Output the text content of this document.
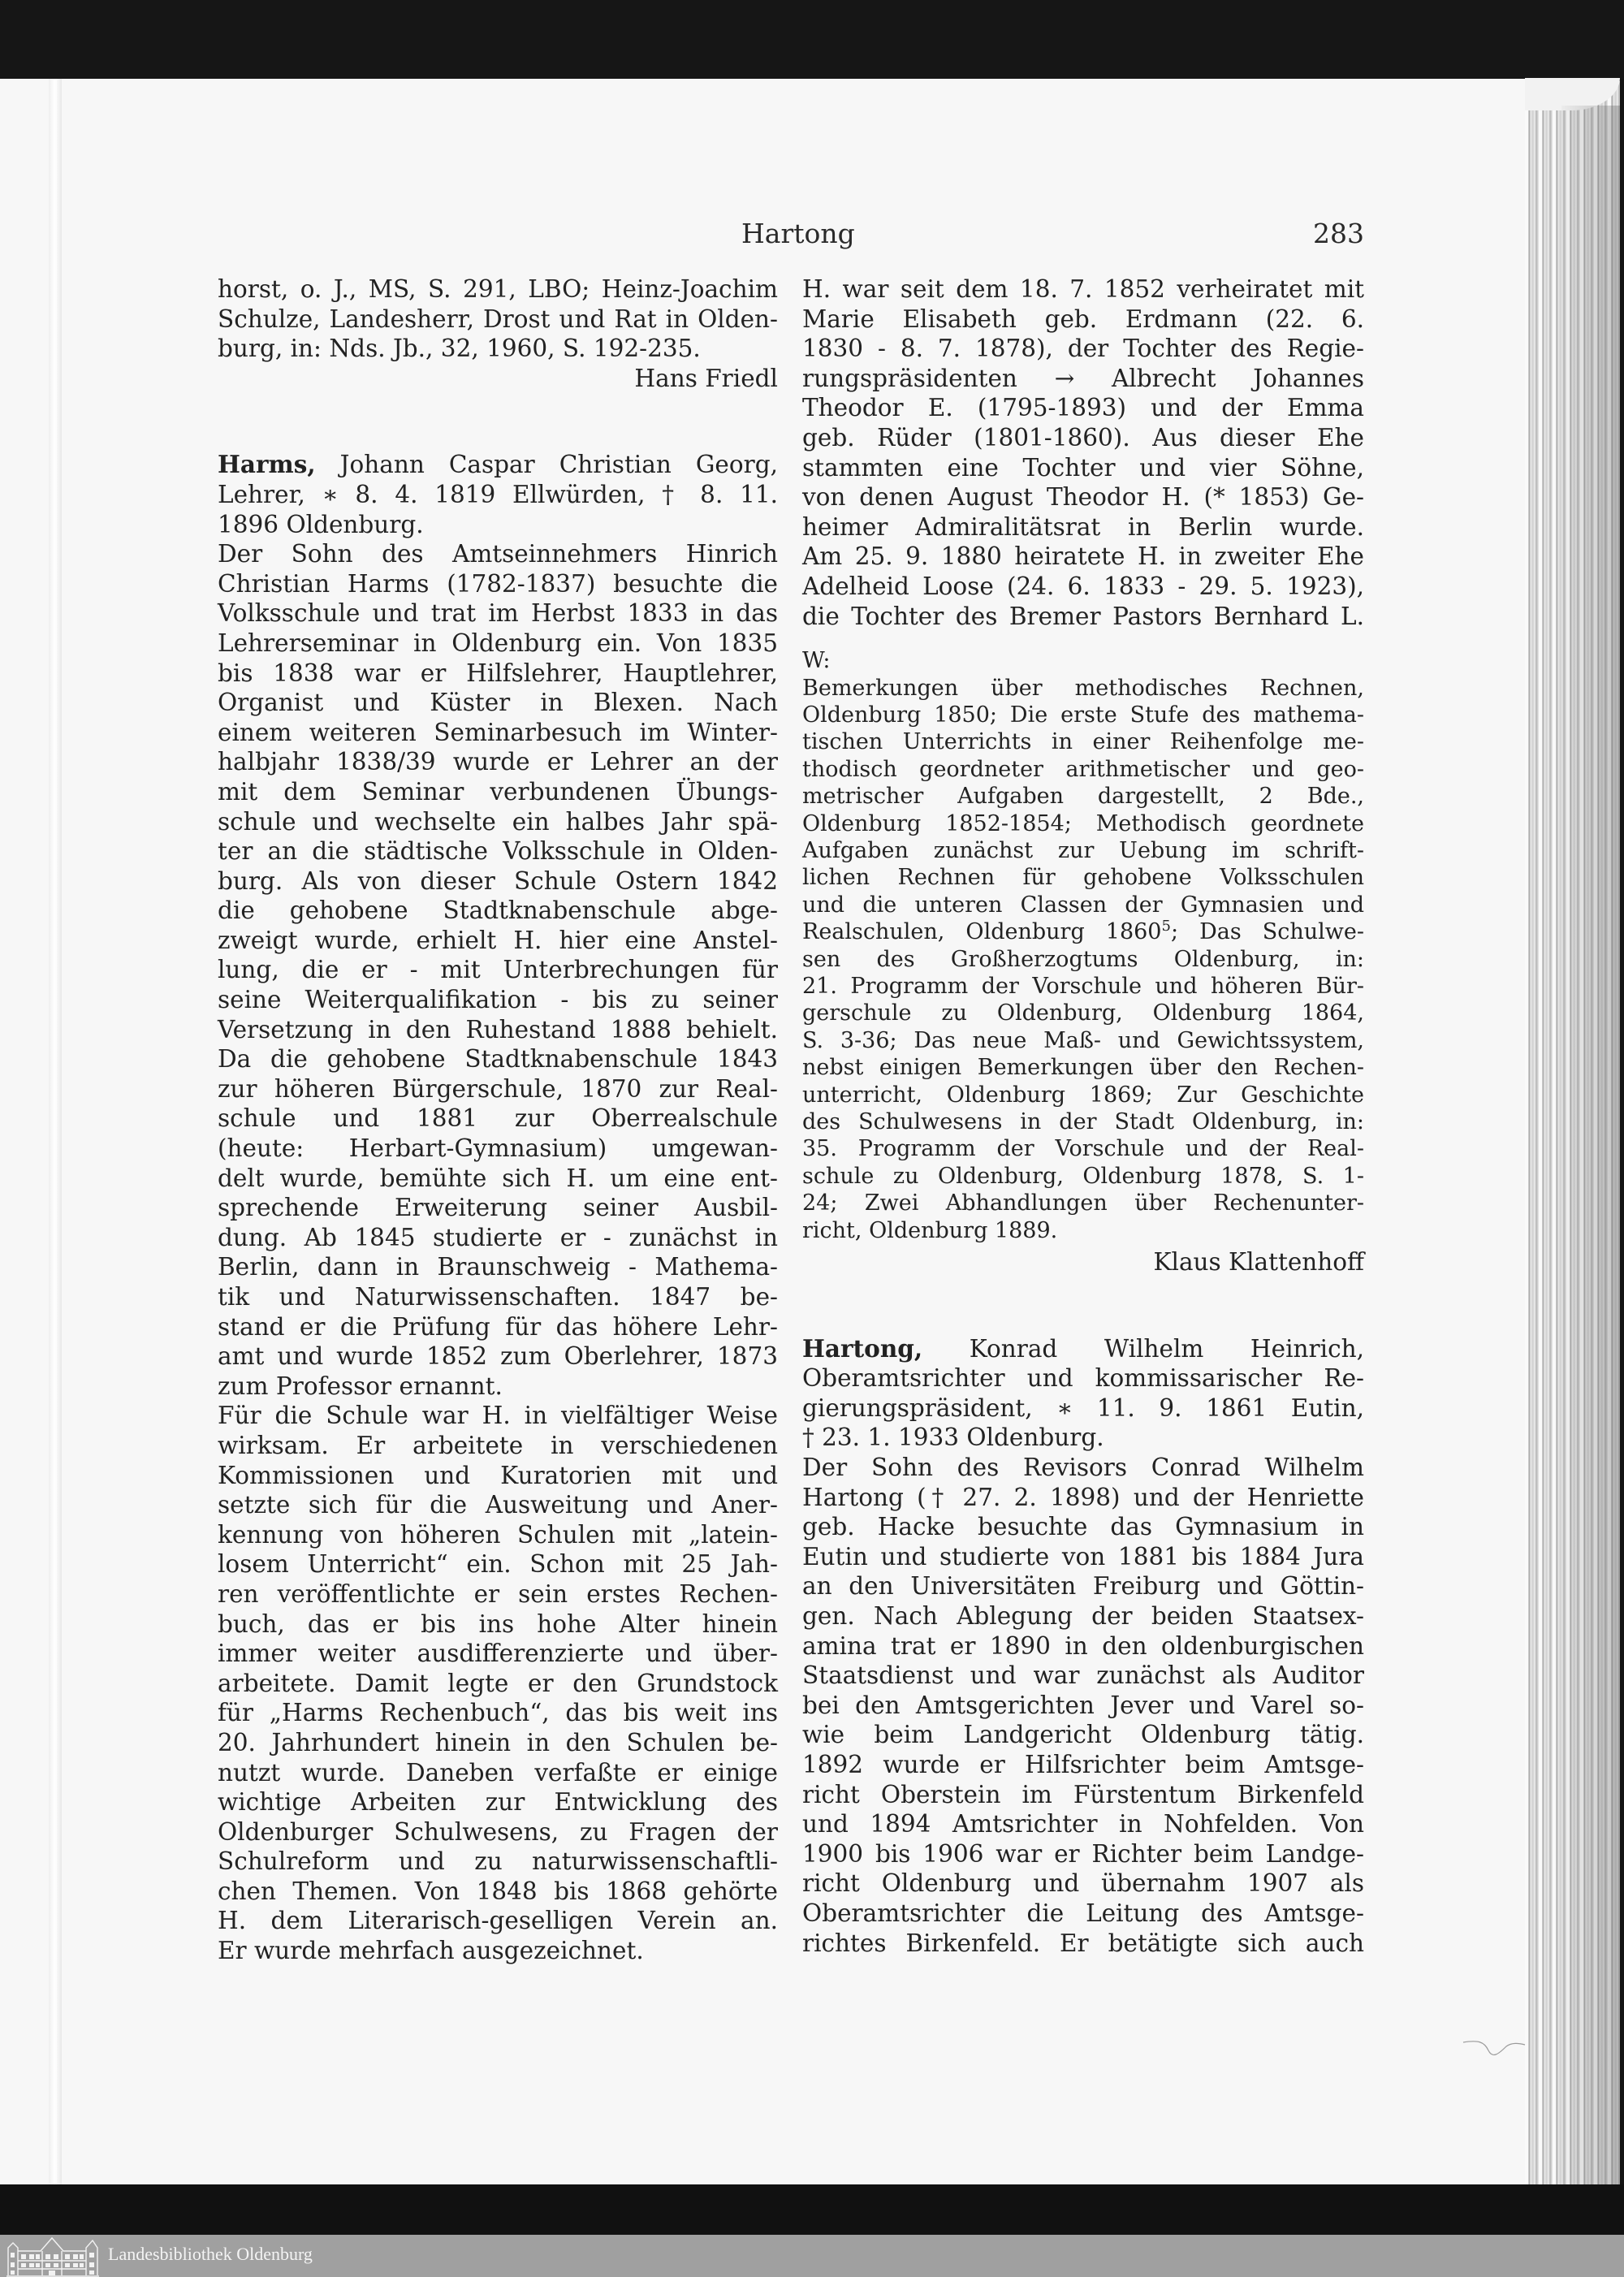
Hartong	283
horst, o. J., MS, S. 291, LBO; Heinz-Joachim
Schulze, Landesherr, Drost und Rat in Olden-
burg, in: Nds. Jb., 32, 1960, S. 192-235.
Hans Friedl
Harms, Johann Caspar Christian Georg,
Lehrer, ∗ 8. 4. 1819 Ellwürden, † 8. 11.
1896 Oldenburg.
Der Sohn des Amtseinnehmers Hinrich
Christian Harms (1782-1837) besuchte die
Volksschule und trat im Herbst 1833 in das
Lehrerseminar in Oldenburg ein. Von 1835
bis 1838 war er Hilfslehrer, Hauptlehrer,
Organist und Küster in Blexen. Nach
einem weiteren Seminarbesuch im Winter-
halbjahr 1838/39 wurde er Lehrer an der
mit dem Seminar verbundenen Übungs-
schule und wechselte ein halbes Jahr spä-
ter an die städtische Volksschule in Olden-
burg. Als von dieser Schule Ostern 1842
die gehobene Stadtknabenschule abge-
zweigt wurde, erhielt H. hier eine Anstel-
lung, die er - mit Unterbrechungen für
seine Weiterqualifikation - bis zu seiner
Versetzung in den Ruhestand 1888 behielt.
Da die gehobene Stadtknabenschule 1843
zur höheren Bürgerschule, 1870 zur Real-
schule und 1881 zur Oberrealschule
(heute: Herbart-Gymnasium) umgewan-
delt wurde, bemühte sich H. um eine ent-
sprechende Erweiterung seiner Ausbil-
dung. Ab 1845 studierte er - zunächst in
Berlin, dann in Braunschweig - Mathema-
tik und Naturwissenschaften. 1847 be-
stand er die Prüfung für das höhere Lehr-
amt und wurde 1852 zum Oberlehrer, 1873
zum Professor ernannt.
Für die Schule war H. in vielfältiger Weise
wirksam. Er arbeitete in verschiedenen
Kommissionen und Kuratorien mit und
setzte sich für die Ausweitung und Aner-
kennung von höheren Schulen mit „latein-
losem Unterricht“ ein. Schon mit 25 Jah-
ren veröffentlichte er sein erstes Rechen-
buch, das er bis ins hohe Alter hinein
immer weiter ausdifferenzierte und über-
arbeitete. Damit legte er den Grundstock
für „Harms Rechenbuch“, das bis weit ins
20. Jahrhundert hinein in den Schulen be-
nutzt wurde. Daneben verfaßte er einige
wichtige Arbeiten zur Entwicklung des
Oldenburger Schulwesens, zu Fragen der
Schulreform und zu naturwissenschaftli-
chen Themen. Von 1848 bis 1868 gehörte
H. dem Literarisch-geselligen Verein an.
Er wurde mehrfach ausgezeichnet.
H. war seit dem 18. 7. 1852 verheiratet mit
Marie Elisabeth geb. Erdmann (22. 6.
1830 - 8. 7. 1878), der Tochter des Regie-
rungspräsidenten → Albrecht Johannes
Theodor E. (1795-1893) und der Emma
geb. Rüder (1801-1860). Aus dieser Ehe
stammten eine Tochter und vier Söhne,
von denen August Theodor H. (* 1853) Ge-
heimer Admiralitätsrat in Berlin wurde.
Am 25. 9. 1880 heiratete H. in zweiter Ehe
Adelheid Loose (24. 6. 1833 - 29. 5. 1923),
die Tochter des Bremer Pastors Bernhard L.
W:
Bemerkungen über methodisches Rechnen,
Oldenburg 1850; Die erste Stufe des mathema-
tischen Unterrichts in einer Reihenfolge me-
thodisch geordneter arithmetischer und geo-
metrischer Aufgaben dargestellt, 2 Bde.,
Oldenburg 1852-1854; Methodisch geordnete
Aufgaben zunächst zur Uebung im schrift-
lichen Rechnen für gehobene Volksschulen
und die unteren Classen der Gymnasien und
Realschulen, Oldenburg 1860$^5$; Das Schulwe-
sen des Großherzogtums Oldenburg, in:
21. Programm der Vorschule und höheren Bür-
gerschule zu Oldenburg, Oldenburg 1864,
S. 3-36; Das neue Maß- und Gewichtssystem,
nebst einigen Bemerkungen über den Rechen-
unterricht, Oldenburg 1869; Zur Geschichte
des Schulwesens in der Stadt Oldenburg, in:
35. Programm der Vorschule und der Real-
schule zu Oldenburg, Oldenburg 1878, S. 1-
24; Zwei Abhandlungen über Rechenunter-
richt, Oldenburg 1889.
Klaus Klattenhoff
Hartong, Konrad Wilhelm Heinrich,
Oberamtsrichter und kommissarischer Re-
gierungspräsident, ∗ 11. 9. 1861 Eutin,
† 23. 1. 1933 Oldenburg.
Der Sohn des Revisors Conrad Wilhelm
Hartong († 27. 2. 1898) und der Henriette
geb. Hacke besuchte das Gymnasium in
Eutin und studierte von 1881 bis 1884 Jura
an den Universitäten Freiburg und Göttin-
gen. Nach Ablegung der beiden Staatsex-
amina trat er 1890 in den oldenburgischen
Staatsdienst und war zunächst als Auditor
bei den Amtsgerichten Jever und Varel so-
wie beim Landgericht Oldenburg tätig.
1892 wurde er Hilfsrichter beim Amtsge-
richt Oberstein im Fürstentum Birkenfeld
und 1894 Amtsrichter in Nohfelden. Von
1900 bis 1906 war er Richter beim Landge-
richt Oldenburg und übernahm 1907 als
Oberamtsrichter die Leitung des Amtsge-
richtes Birkenfeld. Er betätigte sich auch
Landesbibliothek Oldenburg
